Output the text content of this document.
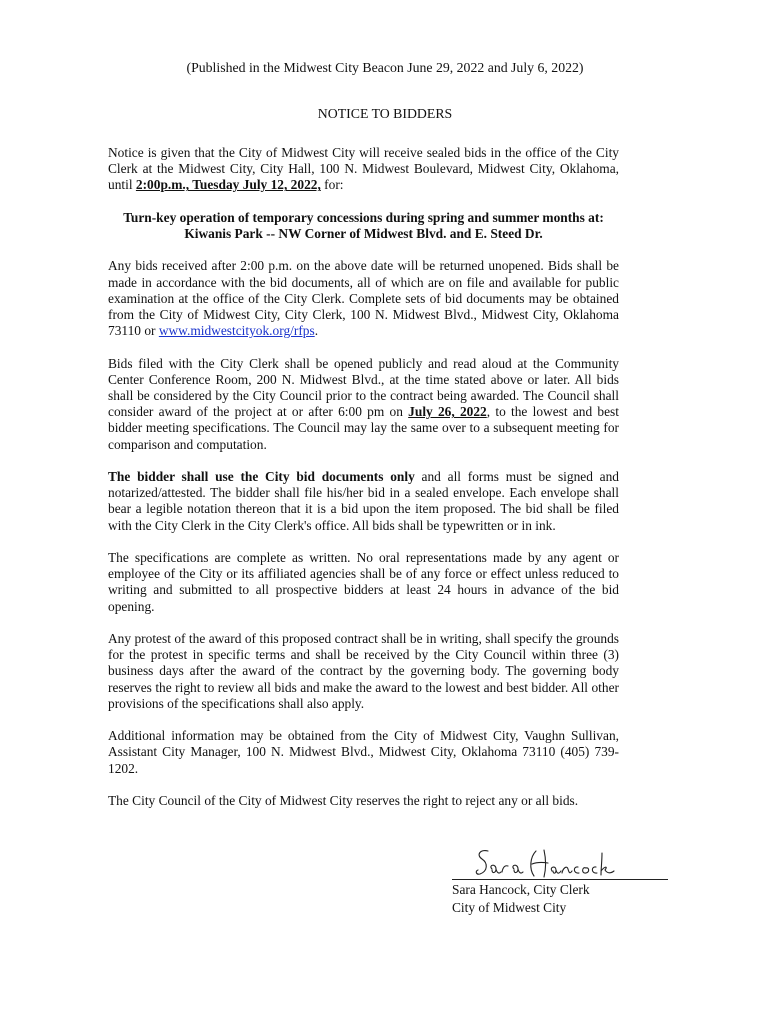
(Published in the Midwest City Beacon June 29, 2022 and July 6, 2022)
NOTICE TO BIDDERS

Notice is given that the City of Midwest City will receive sealed bids in the office of the City Clerk at the Midwest City, City Hall, 100 N. Midwest Boulevard, Midwest City, Oklahoma, until 2:00p.m., Tuesday July 12, 2022, for:

Turn-key operation of temporary concessions during spring and summer months at:
Kiwanis Park -- NW Corner of Midwest Blvd. and E. Steed Dr.

Any bids received after 2:00 p.m. on the above date will be returned unopened. Bids shall be made in accordance with the bid documents, all of which are on file and available for public examination at the office of the City Clerk. Complete sets of bid documents may be obtained from the City of Midwest City, City Clerk, 100 N. Midwest Blvd., Midwest City, Oklahoma 73110 or www.midwestcityok.org/rfps.

Bids filed with the City Clerk shall be opened publicly and read aloud at the Community Center Conference Room, 200 N. Midwest Blvd., at the time stated above or later. All bids shall be considered by the City Council prior to the contract being awarded. The Council shall consider award of the project at or after 6:00 pm on July 26, 2022, to the lowest and best bidder meeting specifications. The Council may lay the same over to a subsequent meeting for comparison and computation.

The bidder shall use the City bid documents only and all forms must be signed and notarized/attested. The bidder shall file his/her bid in a sealed envelope. Each envelope shall bear a legible notation thereon that it is a bid upon the item proposed. The bid shall be filed with the City Clerk in the City Clerk's office. All bids shall be typewritten or in ink.

The specifications are complete as written. No oral representations made by any agent or employee of the City or its affiliated agencies shall be of any force or effect unless reduced to writing and submitted to all prospective bidders at least 24 hours in advance of the bid opening.

Any protest of the award of this proposed contract shall be in writing, shall specify the grounds for the protest in specific terms and shall be received by the City Council within three (3) business days after the award of the contract by the governing body. The governing body reserves the right to review all bids and make the award to the lowest and best bidder. All other provisions of the specifications shall also apply.

Additional information may be obtained from the City of Midwest City, Vaughn Sullivan, Assistant City Manager, 100 N. Midwest Blvd., Midwest City, Oklahoma 73110 (405) 739-1202.

The City Council of the City of Midwest City reserves the right to reject any or all bids.

Sara Hancock, City Clerk
City of Midwest City
